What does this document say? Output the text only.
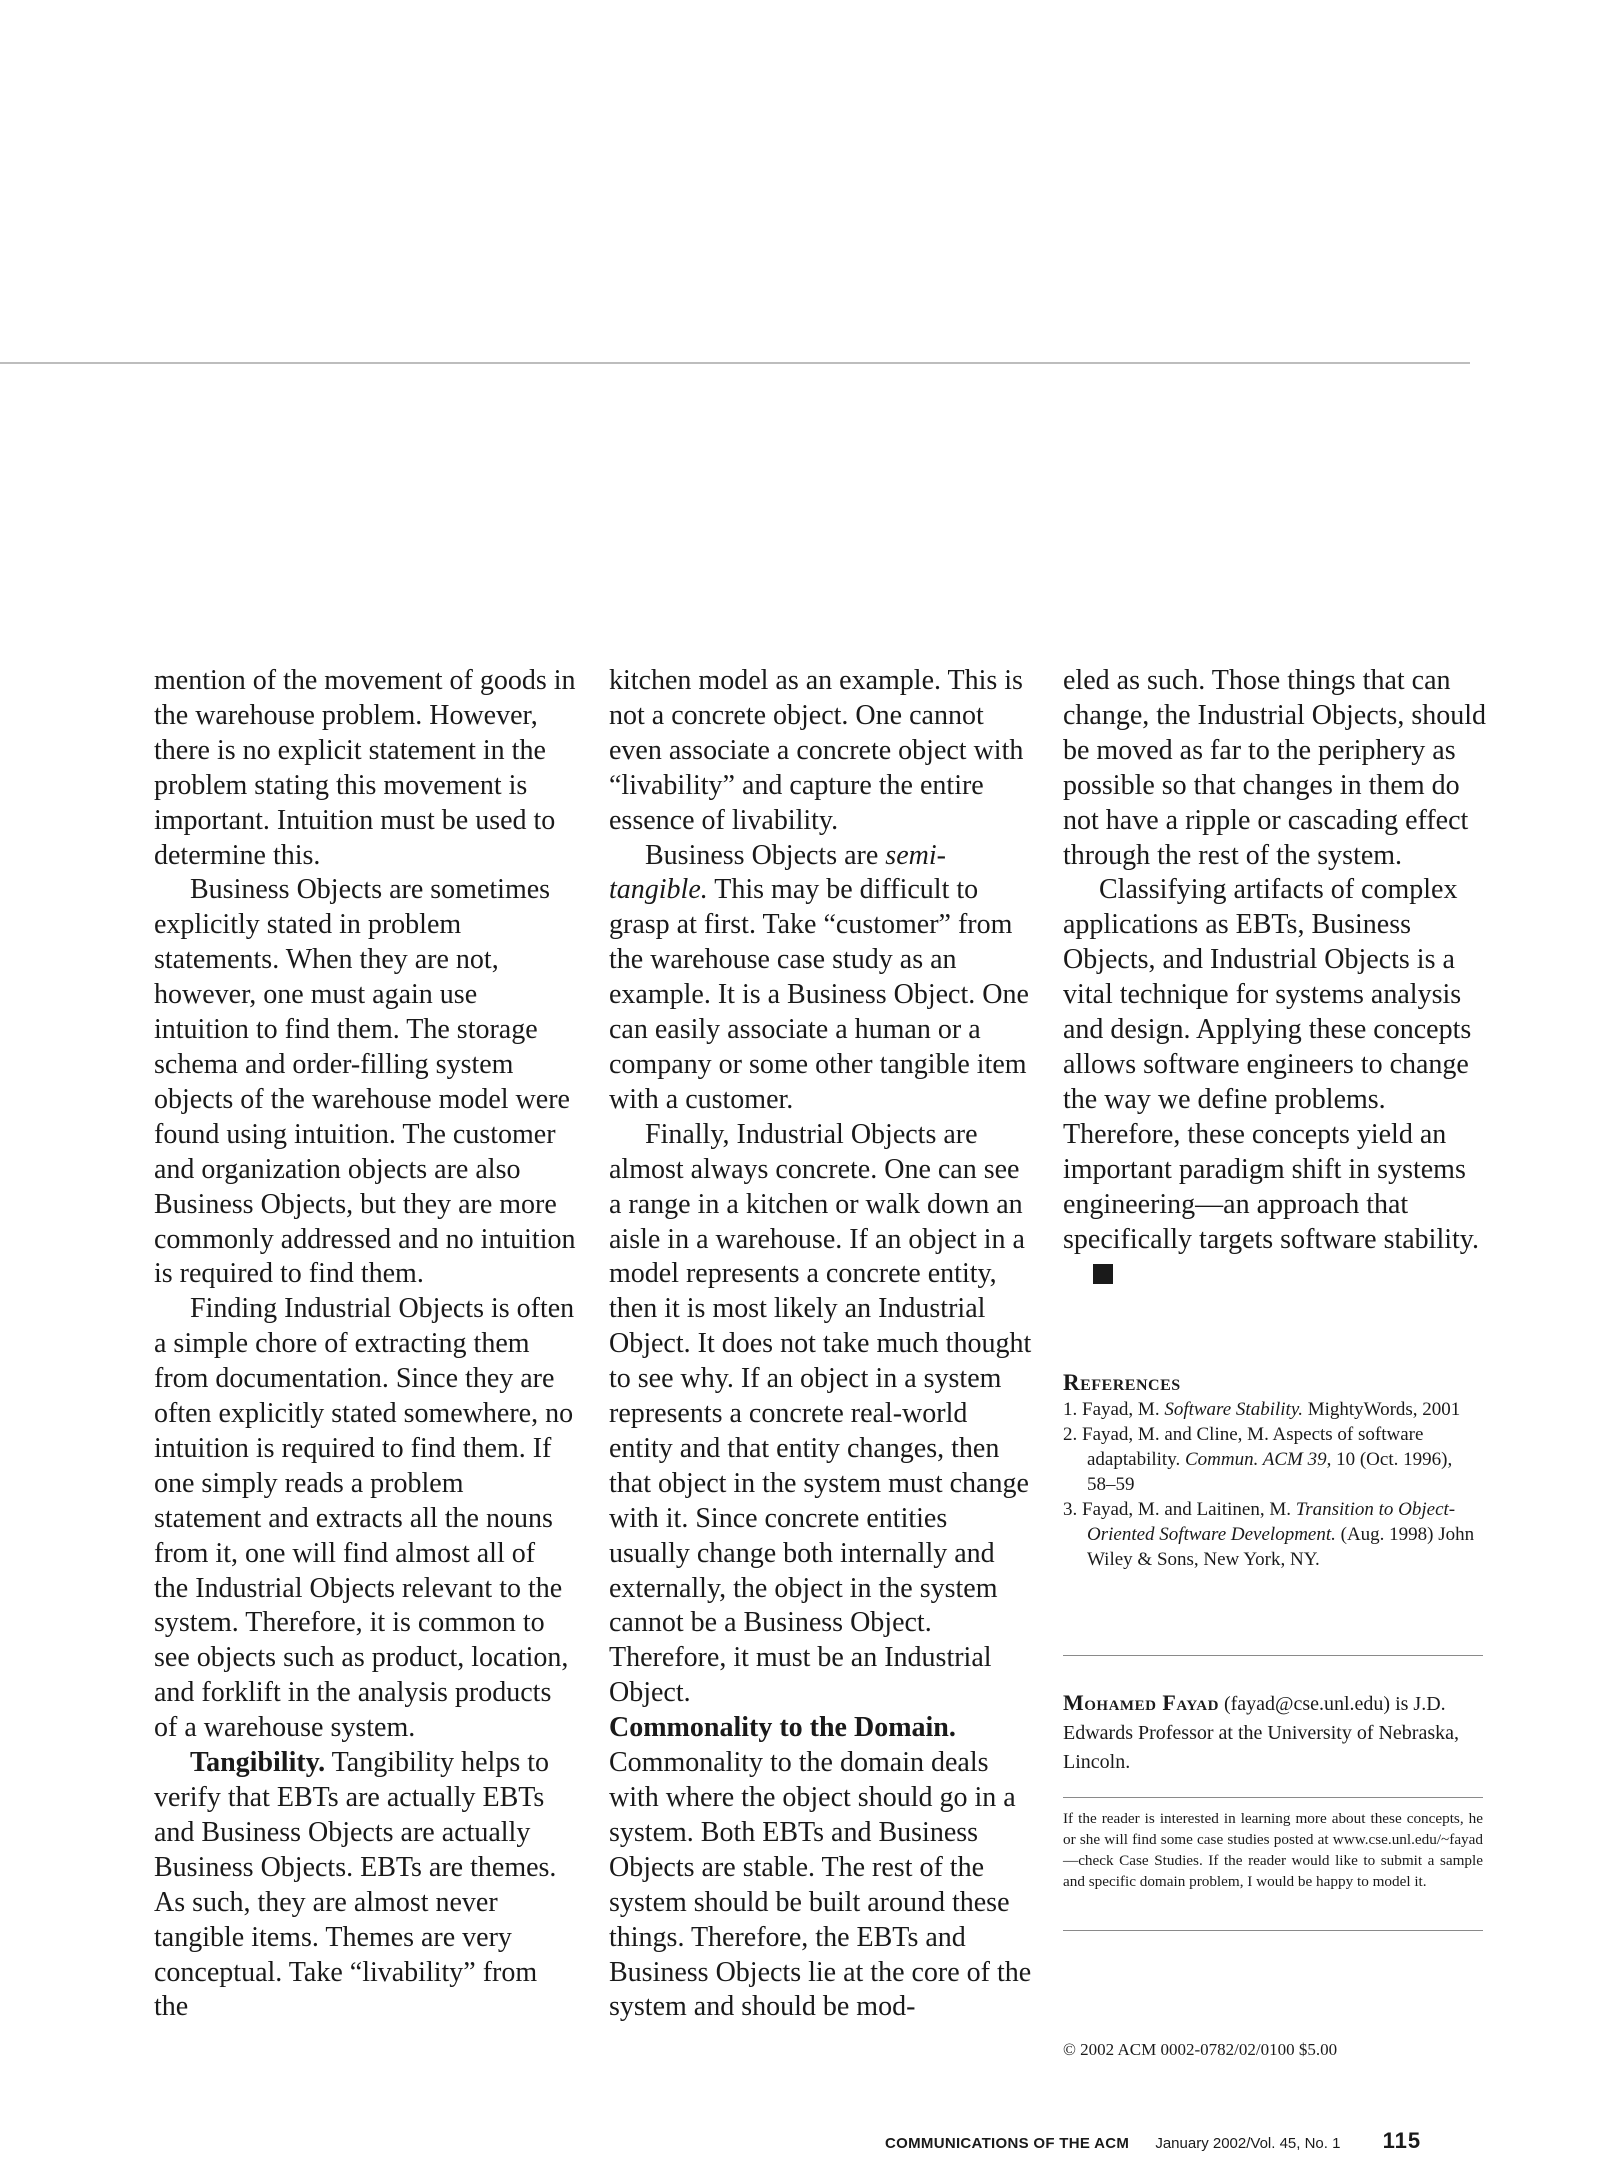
mention of the movement of goods in the warehouse problem. However, there is no explicit statement in the problem stating this movement is important. Intuition must be used to determine this.

Business Objects are sometimes explicitly stated in problem statements. When they are not, however, one must again use intuition to find them. The storage schema and order-filling system objects of the warehouse model were found using intuition. The customer and organization objects are also Business Objects, but they are more commonly addressed and no intuition is required to find them.

Finding Industrial Objects is often a simple chore of extracting them from documentation. Since they are often explicitly stated somewhere, no intuition is required to find them. If one simply reads a problem statement and extracts all the nouns from it, one will find almost all of the Industrial Objects relevant to the system. Therefore, it is common to see objects such as product, location, and forklift in the analysis products of a warehouse system.

Tangibility. Tangibility helps to verify that EBTs are actually EBTs and Business Objects are actually Business Objects. EBTs are themes. As such, they are almost never tangible items. Themes are very conceptual. Take “livability” from the

kitchen model as an example. This is not a concrete object. One cannot even associate a concrete object with “livability” and capture the entire essence of livability.

Business Objects are semi-tangible. This may be difficult to grasp at first. Take “customer” from the warehouse case study as an example. It is a Business Object. One can easily associate a human or a company or some other tangible item with a customer.

Finally, Industrial Objects are almost always concrete. One can see a range in a kitchen or walk down an aisle in a warehouse. If an object in a model represents a concrete entity, then it is most likely an Industrial Object. It does not take much thought to see why. If an object in a system represents a concrete real-world entity and that entity changes, then that object in the system must change with it. Since concrete entities usually change both internally and externally, the object in the system cannot be a Business Object. Therefore, it must be an Industrial Object.

Commonality to the Domain. Commonality to the domain deals with where the object should go in a system. Both EBTs and Business Objects are stable. The rest of the system should be built around these things. Therefore, the EBTs and Business Objects lie at the core of the system and should be mod-

eled as such. Those things that can change, the Industrial Objects, should be moved as far to the periphery as possible so that changes in them do not have a ripple or cascading effect through the rest of the system.

Classifying artifacts of complex applications as EBTs, Business Objects, and Industrial Objects is a vital technique for systems analysis and design. Applying these concepts allows software engineers to change the way we define problems. Therefore, these concepts yield an important paradigm shift in systems engineering—an approach that specifically targets software stability.C

References
1. Fayad, M. Software Stability. MightyWords, 2001
2. Fayad, M. and Cline, M. Aspects of software adaptability. Commun. ACM 39, 10 (Oct. 1996), 58–59
3. Fayad, M. and Laitinen, M. Transition to Object-Oriented Software Development. (Aug. 1998) John Wiley & Sons, New York, NY.
Mohamed Fayad (fayad@cse.unl.edu) is J.D. Edwards Professor at the University of Nebraska, Lincoln.
If the reader is interested in learning more about these concepts, he or she will find some case studies posted at www.cse.unl.edu/~fayad—check Case Studies. If the reader would like to submit a sample and specific domain problem, I would be happy to model it.
© 2002 ACM 0002-0782/02/0100 $5.00
COMMUNICATIONS OF THE ACM January 2002/Vol. 45, No. 1 115
